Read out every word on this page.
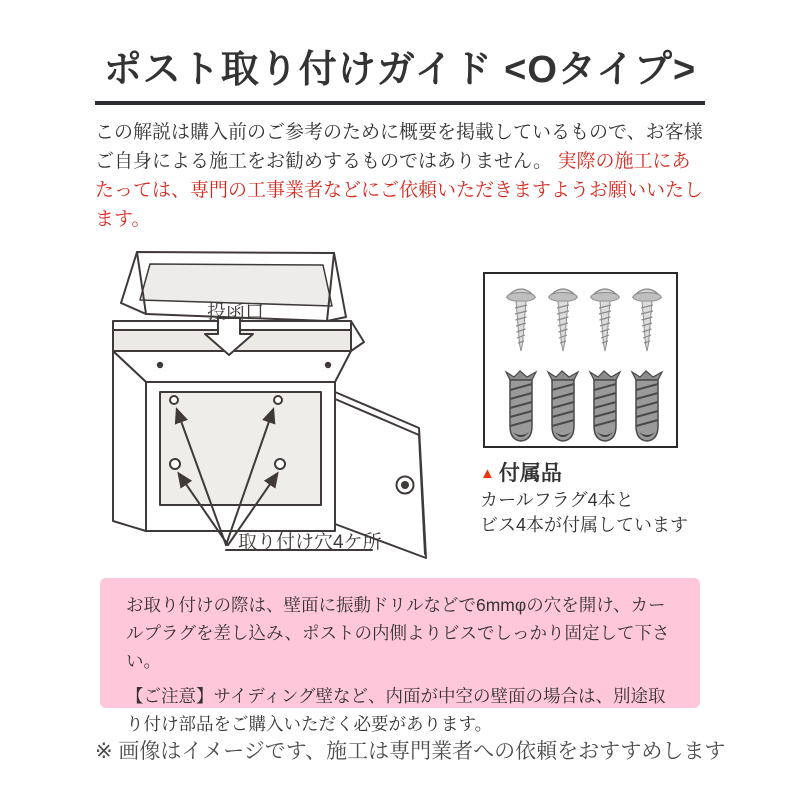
ポスト取り付けガイド <Oタイプ>
この解説は購入前のご参考のために概要を掲載しているもので、お客様ご自身による施工をお勧めするものではありません。 実際の施工にあたっては、専門の工事業者などにご依頼いただきますようお願いいたします。
投函口
取り付け穴4ケ所
▲ 付属品
カールフラグ4本と
ビス4本が付属しています

お取り付けの際は、壁面に振動ドリルなどで6mmφの穴を開け、カールプラグを差し込み、ポストの内側よりビスでしっかり固定して下さい。

【ご注意】サイディング壁など、内面が中空の壁面の場合は、別途取り付け部品をご購入いただく必要があります。

※ 画像はイメージです、施工は専門業者への依頼をおすすめします
